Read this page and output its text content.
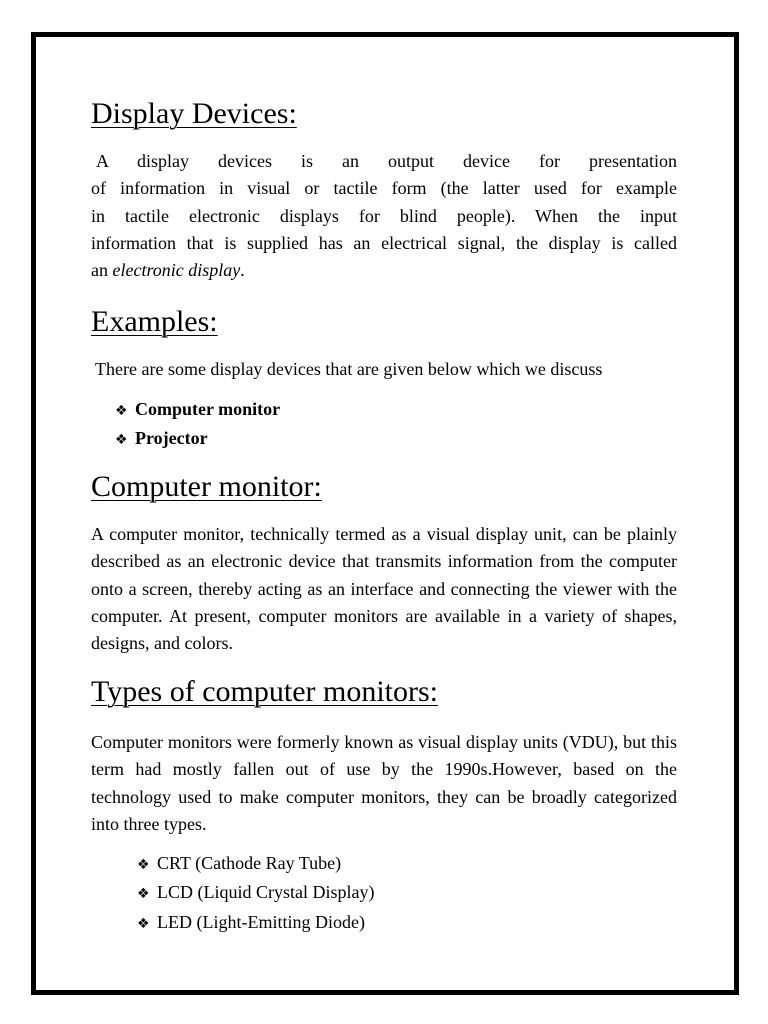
Display Devices:
A display devices is an output device for presentation
of information in visual or tactile form (the latter used for example
in tactile electronic displays for blind people). When the input
information that is supplied has an electrical signal, the display is called
an electronic display.
Examples:

There are some display devices that are given below which we discuss

❖ Computer monitor
❖ Projector
Computer monitor:

A computer monitor, technically termed as a visual display unit, can be plainly described as an electronic device that transmits information from the computer onto a screen, thereby acting as an interface and connecting the viewer with the computer. At present, computer monitors are available in a variety of shapes, designs, and colors.

Types of computer monitors:

Computer monitors were formerly known as visual display units (VDU), but this term had mostly fallen out of use by the 1990s.However, based on the technology used to make computer monitors, they can be broadly categorized into three types.

❖ CRT (Cathode Ray Tube)
❖ LCD (Liquid Crystal Display)
❖ LED (Light-Emitting Diode)
